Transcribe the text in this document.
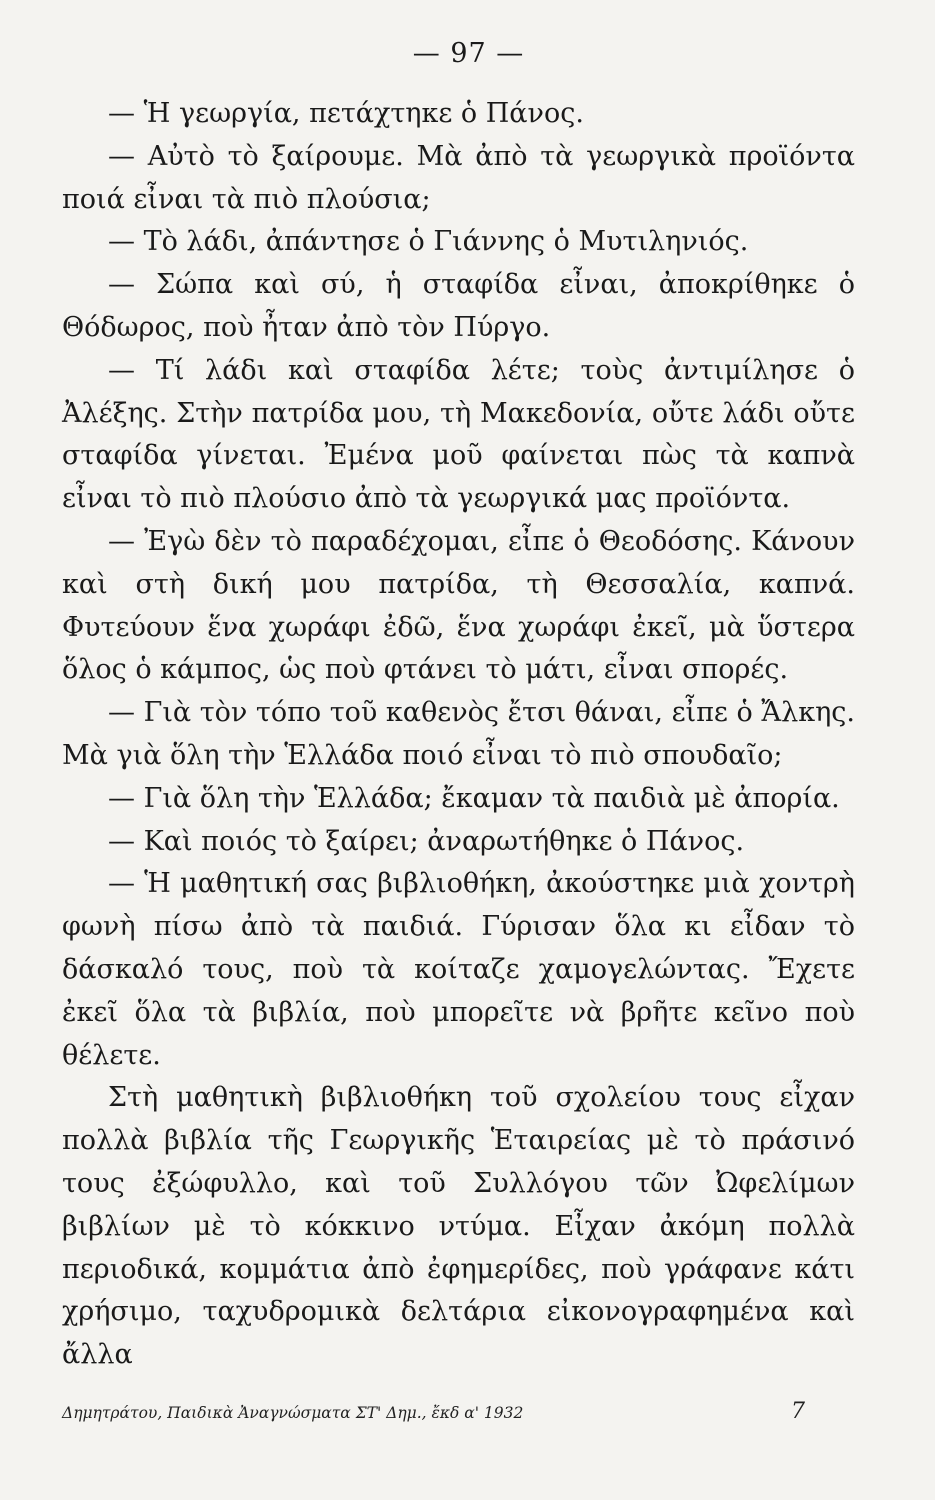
— 97 —

— Ἡ γεωργία, πετάχτηκε ὁ Πάνος.

— Αὐτὸ τὸ ξαίρουμε. Μὰ ἀπὸ τὰ γεωργικὰ προϊόντα ποιά εἶναι τὰ πιὸ πλούσια;

— Τὸ λάδι, ἀπάντησε ὁ Γιάννης ὁ Μυτιληνιός.

— Σώπα καὶ σύ, ἡ σταφίδα εἶναι, ἀποκρίθηκε ὁ Θόδωρος, ποὺ ἦταν ἀπὸ τὸν Πύργο.

— Τί λάδι καὶ σταφίδα λέτε; τοὺς ἀντιμίλησε ὁ Ἀλέξης. Στὴν πατρίδα μου, τὴ Μακεδονία, οὔτε λάδι οὔτε σταφίδα γίνεται. Ἐμένα μοῦ φαίνεται πὼς τὰ καπνὰ εἶναι τὸ πιὸ πλούσιο ἀπὸ τὰ γεωργικά μας προϊόντα.

— Ἐγὼ δὲν τὸ παραδέχομαι, εἶπε ὁ Θεοδόσης. Κάνουν καὶ στὴ δική μου πατρίδα, τὴ Θεσσαλία, καπνά. Φυτεύουν ἕνα χωράφι ἐδῶ, ἕνα χωράφι ἐκεῖ, μὰ ὕστερα ὅλος ὁ κάμπος, ὡς ποὺ φτάνει τὸ μάτι, εἶναι σπορές.

— Γιὰ τὸν τόπο τοῦ καθενὸς ἔτσι θάναι, εἶπε ὁ Ἄλκης. Μὰ γιὰ ὅλη τὴν Ἑλλάδα ποιό εἶναι τὸ πιὸ σπουδαῖο;

— Γιὰ ὅλη τὴν Ἑλλάδα; ἔκαμαν τὰ παιδιὰ μὲ ἀπορία.

— Καὶ ποιός τὸ ξαίρει; ἀναρωτήθηκε ὁ Πάνος.

— Ἡ μαθητική σας βιβλιοθήκη, ἀκούστηκε μιὰ χοντρὴ φωνὴ πίσω ἀπὸ τὰ παιδιά. Γύρισαν ὅλα κι εἶδαν τὸ δάσκαλό τους, ποὺ τὰ κοίταζε χαμογελώντας. Ἔχετε ἐκεῖ ὅλα τὰ βιβλία, ποὺ μπορεῖτε νὰ βρῆτε κεῖνο ποὺ θέλετε.

Στὴ μαθητικὴ βιβλιοθήκη τοῦ σχολείου τους εἶχαν πολλὰ βιβλία τῆς Γεωργικῆς Ἑταιρείας μὲ τὸ πράσινό τους ἐξώφυλλο, καὶ τοῦ Συλλόγου τῶν Ὠφελίμων βιβλίων μὲ τὸ κόκκινο ντύμα. Εἶχαν ἀκόμη πολλὰ περιοδικά, κομμάτια ἀπὸ ἐφημερίδες, ποὺ γράφανε κάτι χρήσιμο, ταχυδρομικὰ δελτάρια εἰκονογραφημένα καὶ ἄλλα

Δημητράτου, Παιδικὰ Ἀναγνώσματα ΣΤ' Δημ., ἔκδ α' 1932	7
